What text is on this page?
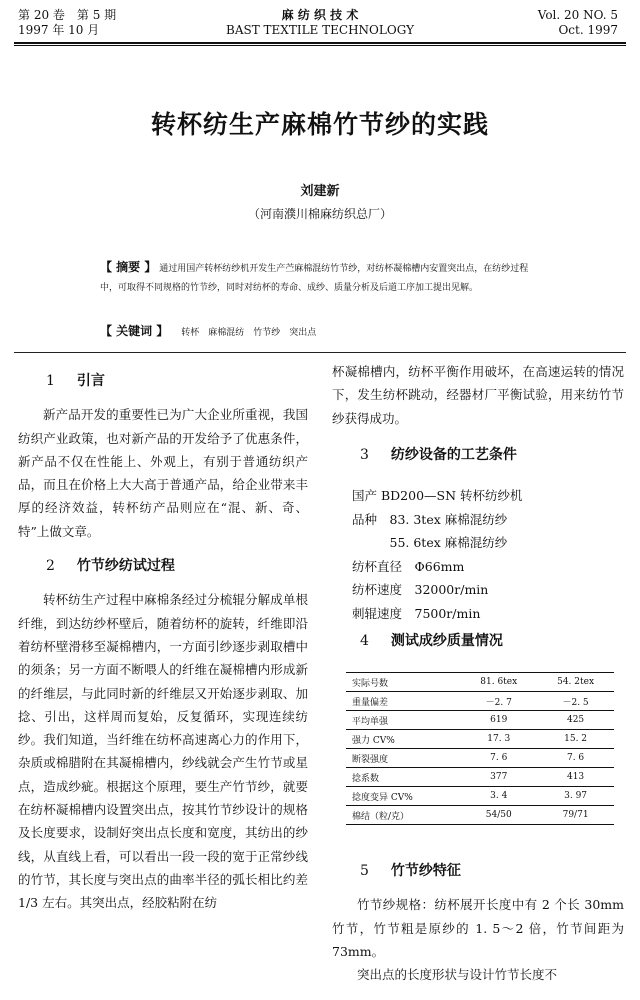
第 20 卷　第 5 期
1997 年 10 月
麻 纺 织 技 术
BAST TEXTILE TECHNOLOGY
Vol. 20 NO. 5
Oct. 1997
转杯纺生产麻棉竹节纱的实践
刘建新
（河南濮川棉麻纺织总厂）
【 摘要 】 通过用国产转杯纺纱机开发生产苎麻棉混纺竹节纱，对纺杯凝棉槽内安置突出点，在纺纱过程中，可取得不同规格的竹节纱，同时对纺杯的寿命、成纱、质量分析及后道工序加工提出见解。
【 关键词 】 转杯　麻棉混纺　竹节纱　突出点

1 引言

新产品开发的重要性已为广大企业所重视，我国纺织产业政策，也对新产品的开发给予了优惠条件，新产品不仅在性能上、外观上，有别于普通纺织产品，而且在价格上大大高于普通产品，给企业带来丰厚的经济效益，转杯纺产品则应在“混、新、奇、特”上做文章。

2 竹节纱纺试过程

转杯纺生产过程中麻棉条经过分梳辊分解成单根纤维，到达纺纱杯壁后，随着纺杯的旋转，纤维即沿着纺杯壁滑移至凝棉槽内，一方面引纱逐步剥取槽中的须条；另一方面不断喂人的纤维在凝棉槽内形成新的纤维层，与此同时新的纤维层又开始逐步剥取、加捻、引出，这样周而复始，反复循环，实现连续纺纱。我们知道，当纤维在纺杯高速离心力的作用下，杂质或棉腊附在其凝棉槽内，纱线就会产生竹节或星点，造成纱疵。根据这个原理，要生产竹节纱，就要在纺杯凝棉槽内设置突出点，按其竹节纱设计的规格及长度要求，设制好突出点长度和宽度，其纺出的纱线，从直线上看，可以看出一段一段的宽于正常纱线的竹节，其长度与突出点的曲率半径的弧长相比约差 1/3 左右。其突出点，经胶粘附在纺

杯凝棉槽内，纺杯平衡作用破坏，在高速运转的情况下，发生纺杯跳动，经器材厂平衡试验，用来纺竹节纱获得成功。

3 纺纱设备的工艺条件

国产 BD200—SN 转杯纺纱机
品种　83. 3tex 麻棉混纺纱
　　　55. 6tex 麻棉混纺纱
纺杯直径　Φ66mm
纺杯速度　32000r/min
刺辊速度　7500r/min

4 测试成纱质量情况

实际号数	81. 6tex	54. 2tex
重量偏差	－2. 7	－2. 5
平均单强	619	425
强力 CV%	17. 3	15. 2
断裂强度	7. 6	7. 6
捻系数	377	413
捻度变异 CV%	3. 4	3. 97
棉结（粒/克）	54/50	79/71

5 竹节纱特征

竹节纱规格：纺杯展开长度中有 2 个长 30mm 竹节，竹节粗是原纱的 1. 5～2 倍，竹节间距为 73mm。

突出点的长度形状与设计竹节长度不
